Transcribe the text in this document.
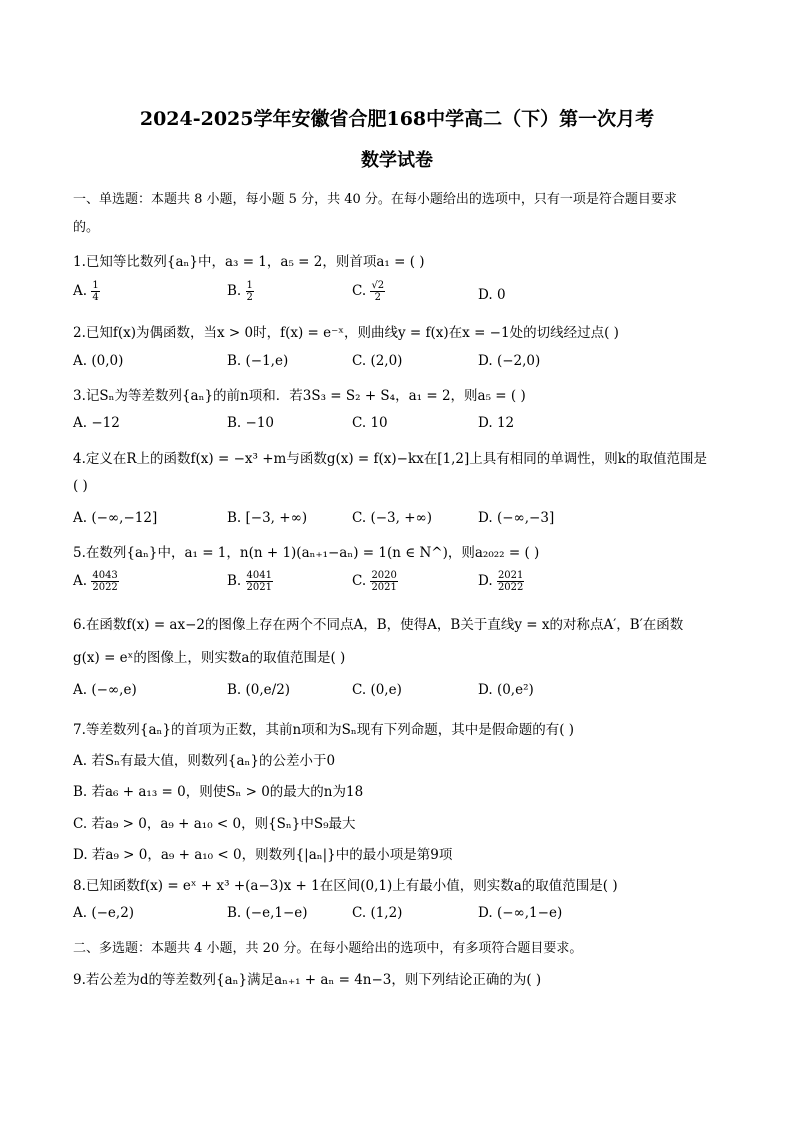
2024-2025学年安徽省合肥168中学高二（下）第一次月考
数学试卷
一、单选题：本题共 8 小题，每小题 5 分，共 40 分。在每小题给出的选项中，只有一项是符合题目要求
的。
1.已知等比数列{aₙ}中，a₃ = 1，a₅ = 2，则首项a₁ = ( )
A. $\frac{1}{4}$	B. $\frac{1}{2}$	C. $\frac{√2}{2}$	D. 0
2.已知f(x)为偶函数，当x > 0时，f(x) = e⁻ˣ，则曲线y = f(x)在x = −1处的切线经过点( )
A. (0,0)	B. (−1,e)	C. (2,0)	D. (−2,0)
3.记Sₙ为等差数列{aₙ}的前n项和．若3S₃ = S₂ + S₄，a₁ = 2，则a₅ = ( )
A. −12	B. −10	C. 10	D. 12
4.定义在R上的函数f(x) = −x³ +m与函数g(x) = f(x)−kx在[1,2]上具有相同的单调性，则k的取值范围是
( )
A. (−∞,−12]	B. [−3, +∞)	C. (−3, +∞)	D. (−∞,−3]
5.在数列{aₙ}中，a₁ = 1，n(n + 1)(aₙ₊₁−aₙ) = 1(n ∈ N^)，则a₂₀₂₂ = ( )
A. $\frac{4043}{2022}$	B. $\frac{4041}{2021}$	C. $\frac{2020}{2021}$	D. $\frac{2021}{2022}$
6.在函数f(x) = ax−2的图像上存在两个不同点A，B，使得A，B关于直线y = x的对称点A′，B′在函数
g(x) = eˣ的图像上，则实数a的取值范围是( )
A. (−∞,e)	B. (0,e/2)	C. (0,e)	D. (0,e²)
7.等差数列{aₙ}的首项为正数，其前n项和为Sₙ现有下列命题，其中是假命题的有( )
A. 若Sₙ有最大值，则数列{aₙ}的公差小于0
B. 若a₆ + a₁₃ = 0，则使Sₙ > 0的最大的n为18
C. 若a₉ > 0，a₉ + a₁₀ < 0，则{Sₙ}中S₉最大
D. 若a₉ > 0，a₉ + a₁₀ < 0，则数列{|aₙ|}中的最小项是第9项
8.已知函数f(x) = eˣ + x³ +(a−3)x + 1在区间(0,1)上有最小值，则实数a的取值范围是( )
A. (−e,2)	B. (−e,1−e)	C. (1,2)	D. (−∞,1−e)
二、多选题：本题共 4 小题，共 20 分。在每小题给出的选项中，有多项符合题目要求。
9.若公差为d的等差数列{aₙ}满足aₙ₊₁ + aₙ = 4n−3，则下列结论正确的为( )
